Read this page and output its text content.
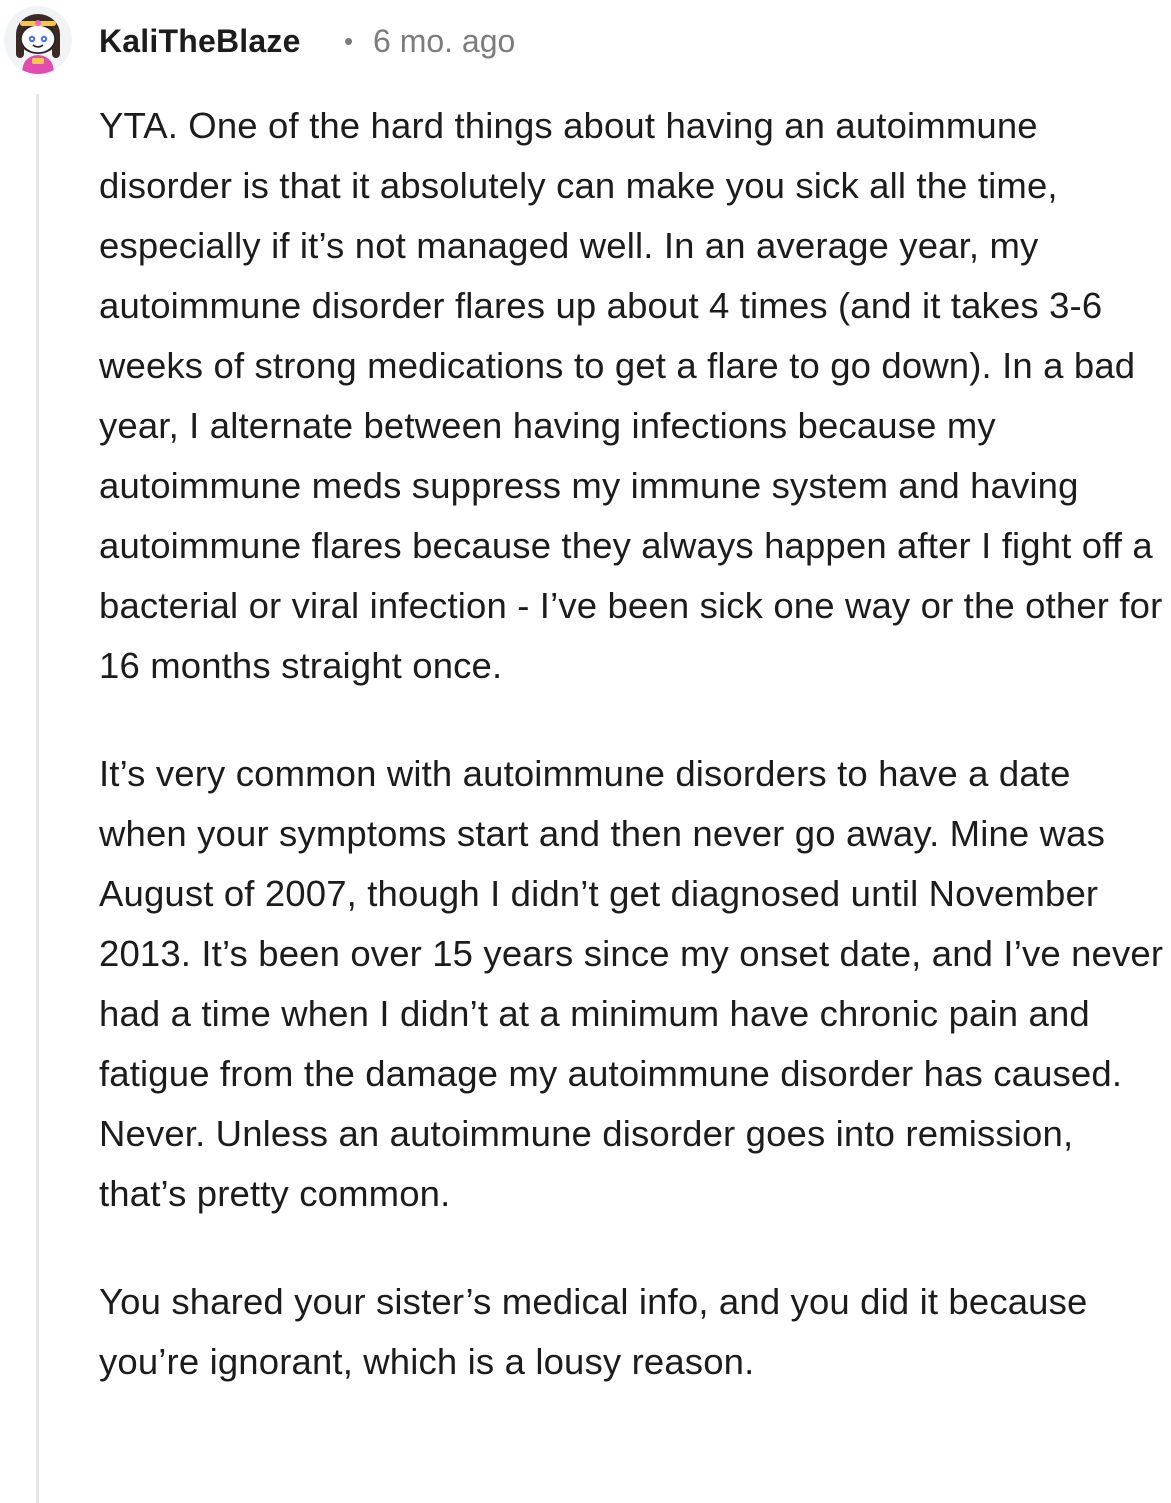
KaliTheBlaze • 6 mo. ago

YTA. One of the hard things about having an autoimmune disorder is that it absolutely can make you sick all the time, especially if it’s not managed well. In an average year, my autoimmune disorder flares up about 4 times (and it takes 3-6 weeks of strong medications to get a flare to go down). In a bad year, I alternate between having infections because my autoimmune meds suppress my immune system and having autoimmune flares because they always happen after I fight off a bacterial or viral infection - I’ve been sick one way or the other for 16 months straight once.

It’s very common with autoimmune disorders to have a date when your symptoms start and then never go away. Mine was August of 2007, though I didn’t get diagnosed until November 2013. It’s been over 15 years since my onset date, and I’ve never had a time when I didn’t at a minimum have chronic pain and fatigue from the damage my autoimmune disorder has caused. Never. Unless an autoimmune disorder goes into remission, that’s pretty common.

You shared your sister’s medical info, and you did it because you’re ignorant, which is a lousy reason.
